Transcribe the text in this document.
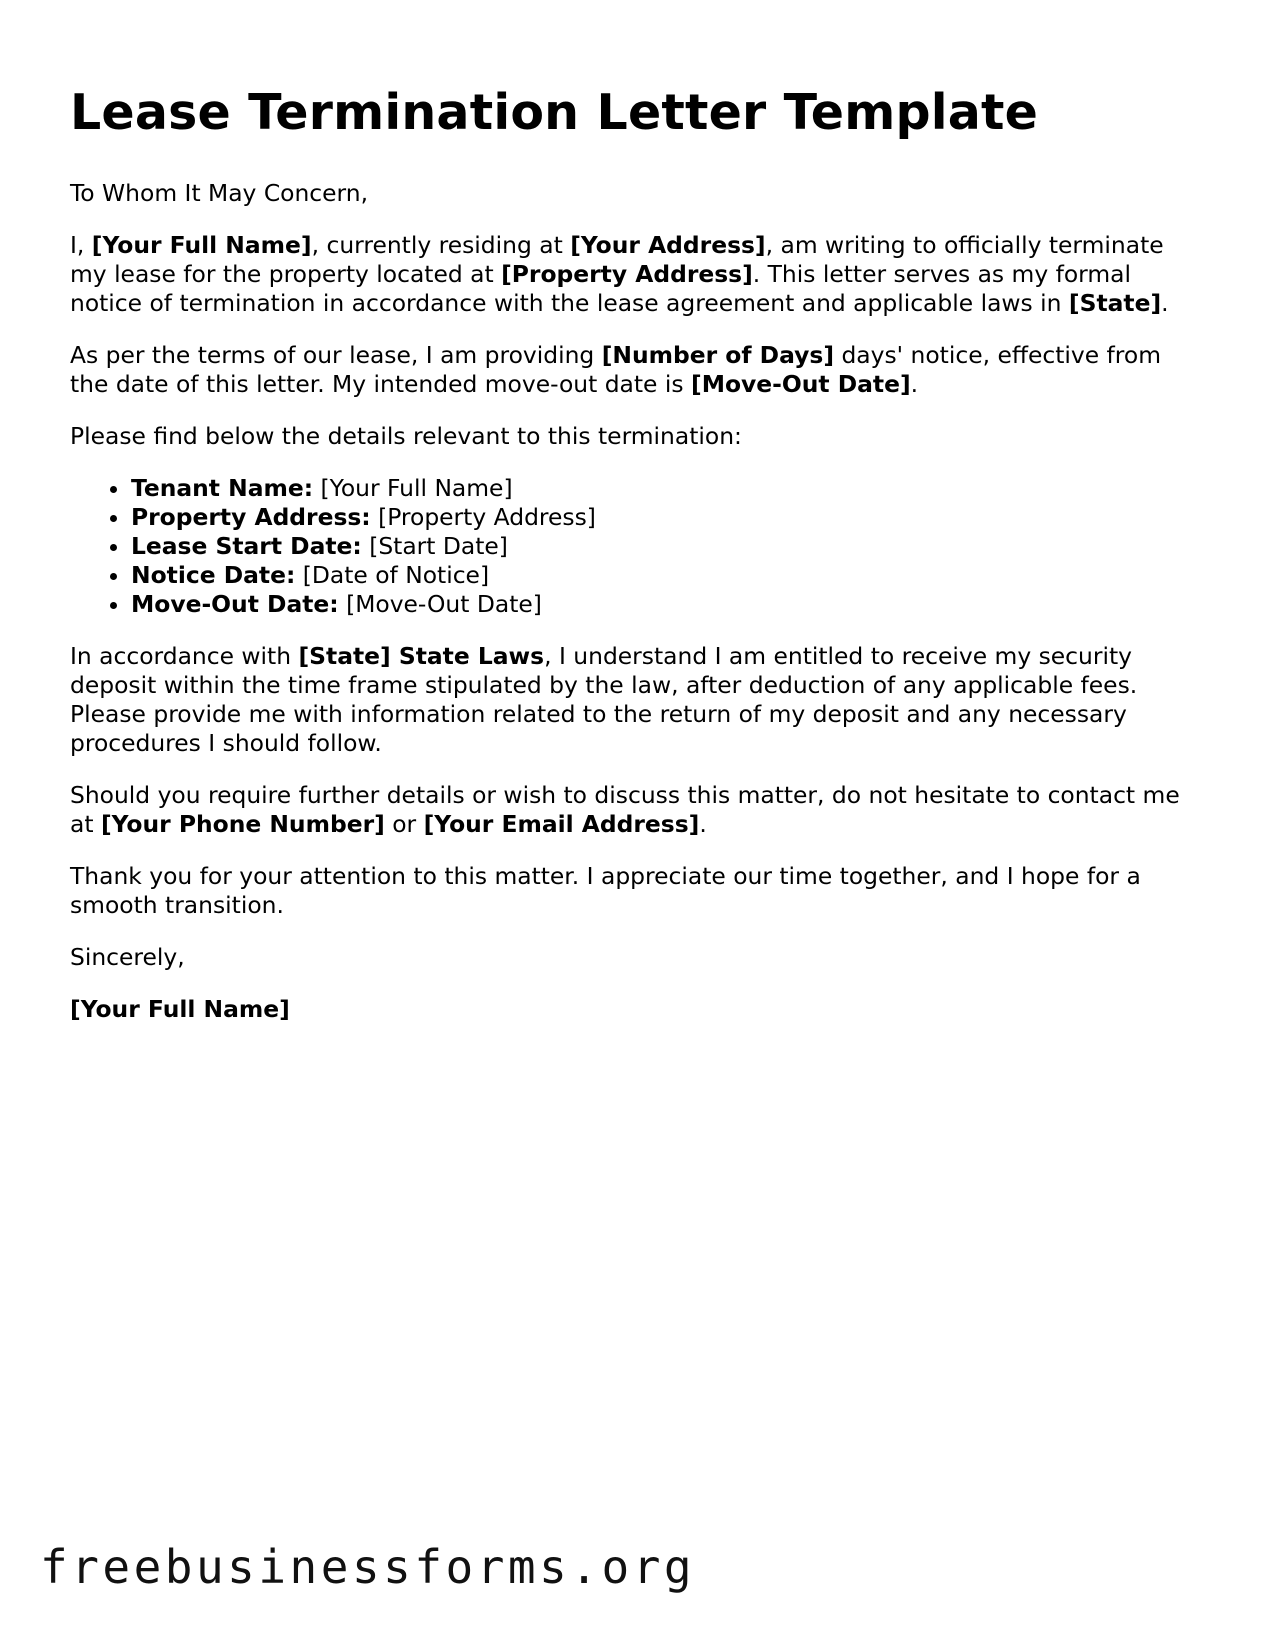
Lease Termination Letter Template

To Whom It May Concern,

I, [Your Full Name], currently residing at [Your Address], am writing to officially terminate my lease for the property located at [Property Address]. This letter serves as my formal notice of termination in accordance with the lease agreement and applicable laws in [State].

As per the terms of our lease, I am providing [Number of Days] days' notice, effective from the date of this letter. My intended move-out date is [Move-Out Date].

Please find below the details relevant to this termination:

• Tenant Name: [Your Full Name]
• Property Address: [Property Address]
• Lease Start Date: [Start Date]
• Notice Date: [Date of Notice]
• Move-Out Date: [Move-Out Date]

In accordance with [State] State Laws, I understand I am entitled to receive my security deposit within the time frame stipulated by the law, after deduction of any applicable fees. Please provide me with information related to the return of my deposit and any necessary procedures I should follow.

Should you require further details or wish to discuss this matter, do not hesitate to contact me at [Your Phone Number] or [Your Email Address].

Thank you for your attention to this matter. I appreciate our time together, and I hope for a smooth transition.

Sincerely,

[Your Full Name]

freebusinessforms.org
